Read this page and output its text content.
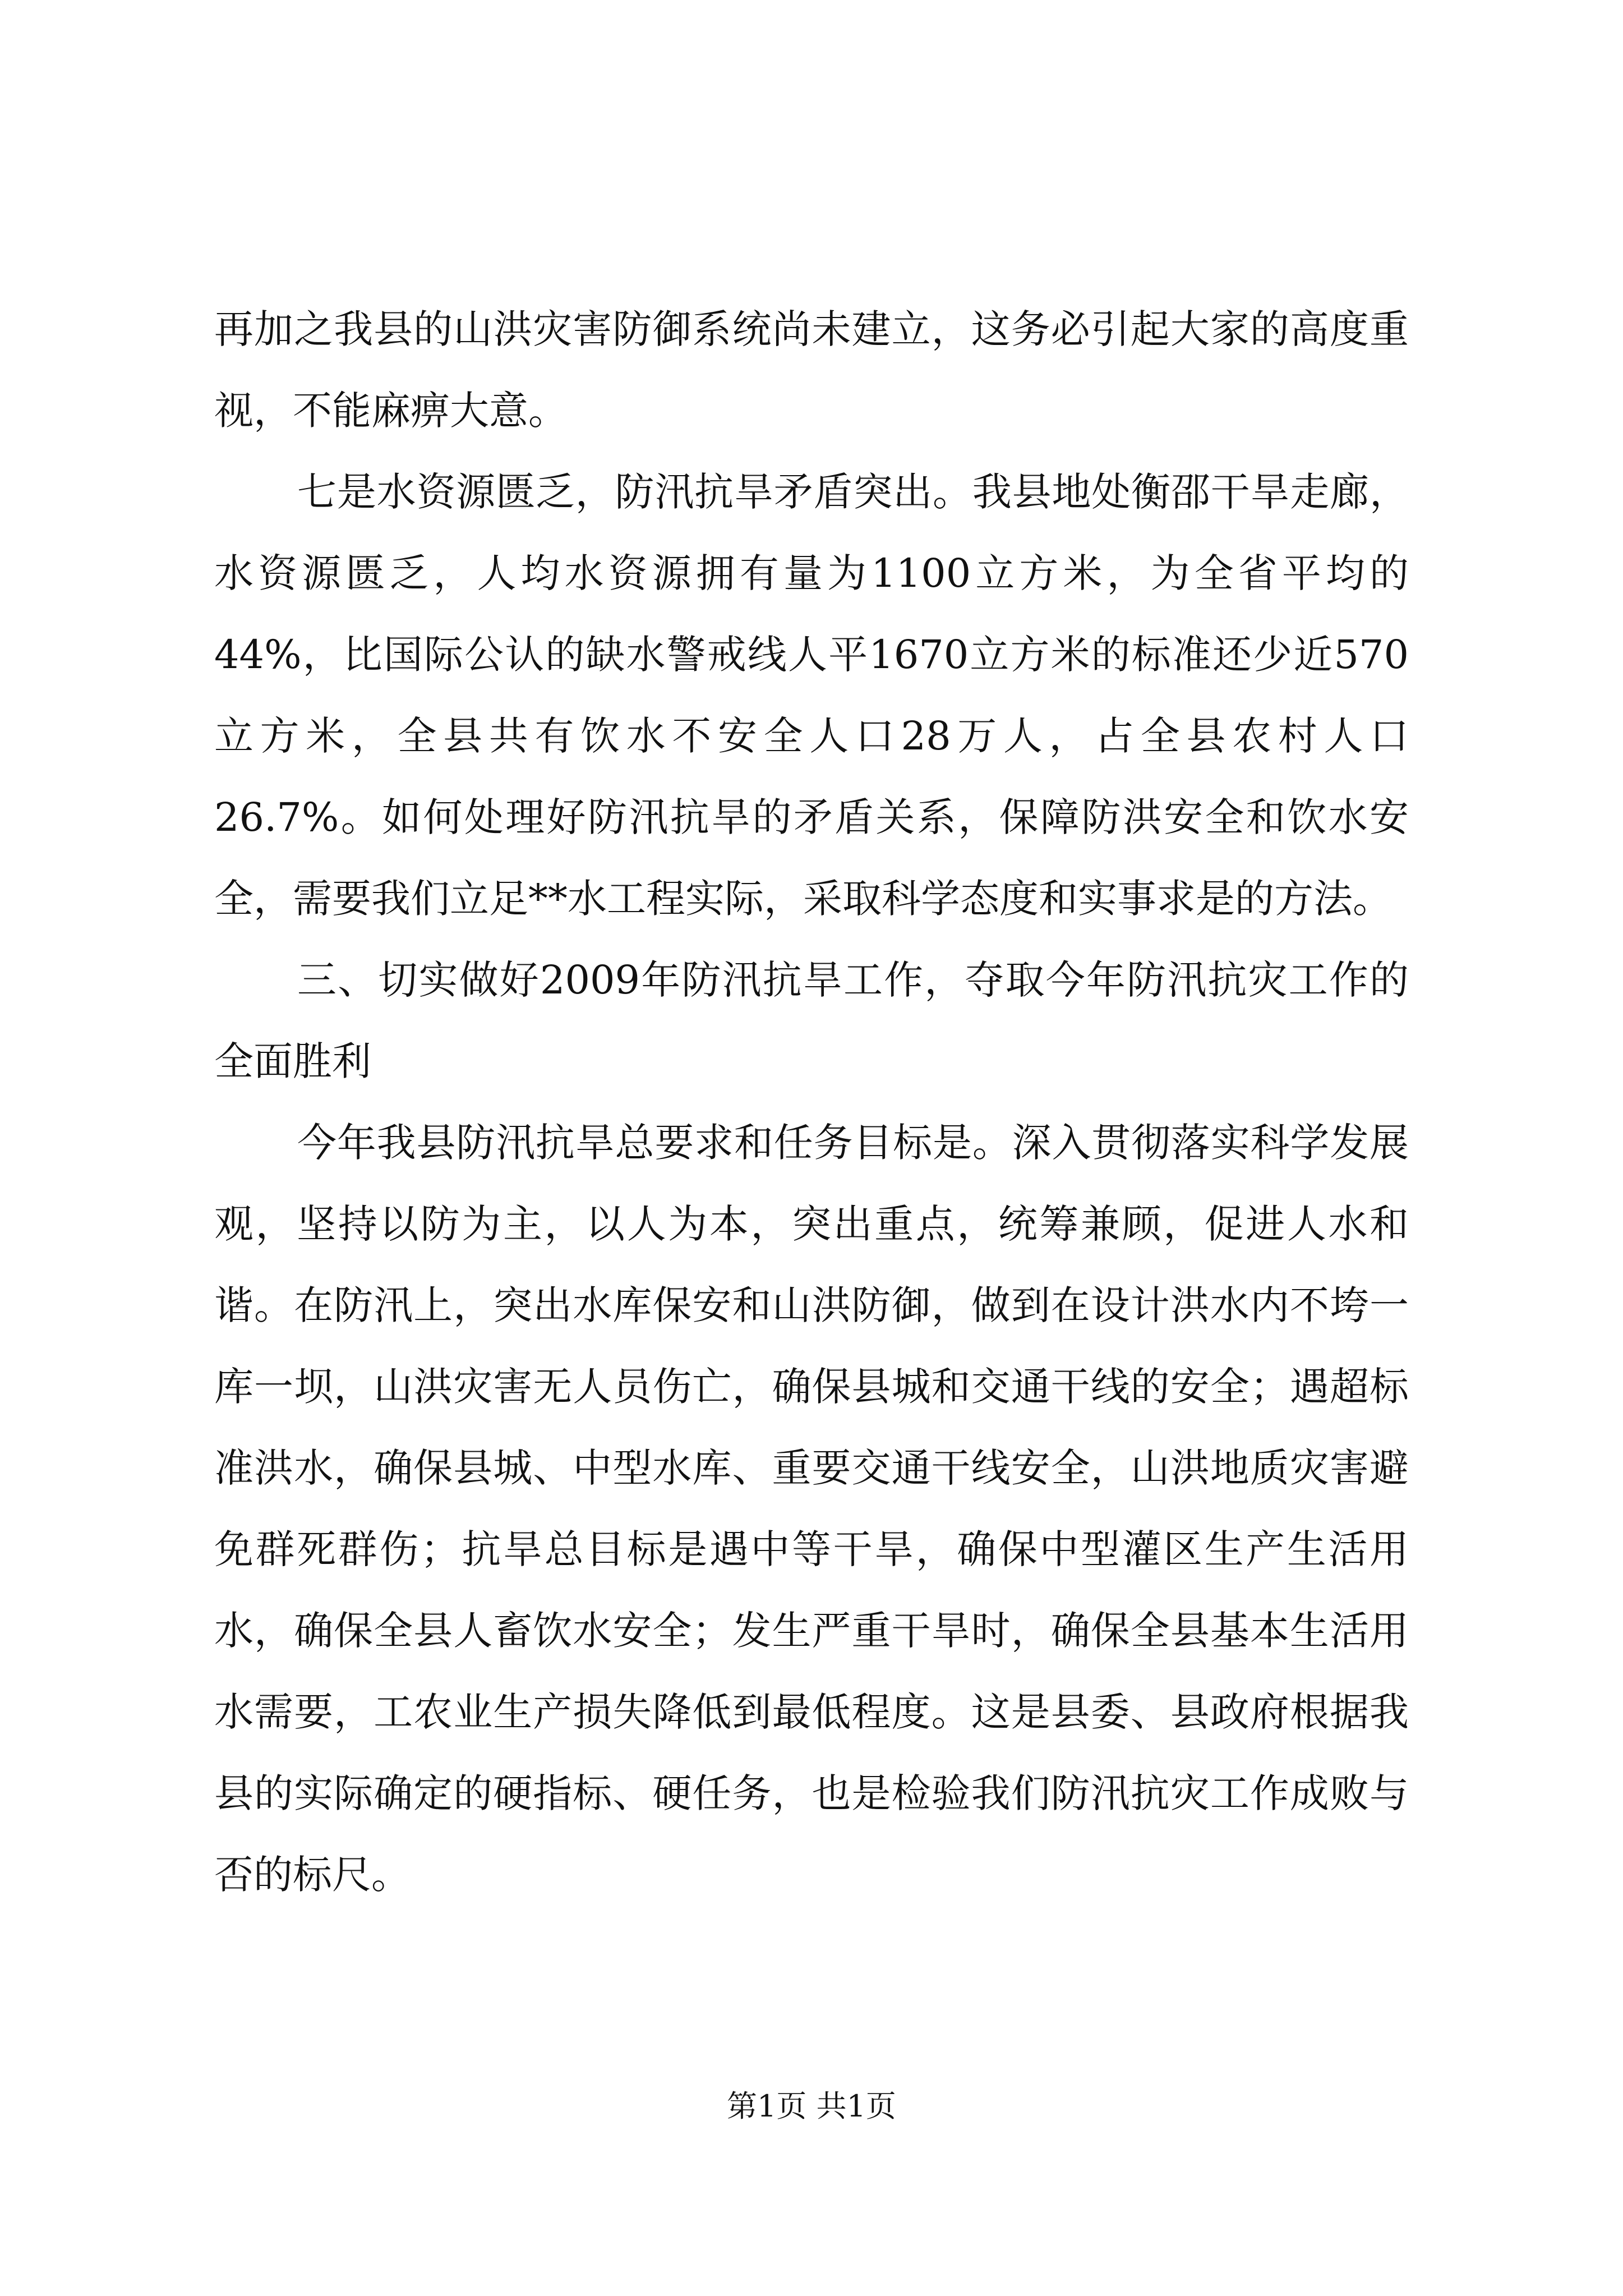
再加之我县的山洪灾害防御系统尚未建立，这务必引起大家的高度重视，不能麻痹大意。

七是水资源匮乏，防汛抗旱矛盾突出。我县地处衡邵干旱走廊，水资源匮乏，人均水资源拥有量为1100立方米，为全省平均的44%，比国际公认的缺水警戒线人平1670立方米的标准还少近570立方米，全县共有饮水不安全人口28万人，占全县农村人口26.7%。如何处理好防汛抗旱的矛盾关系，保障防洪安全和饮水安全，需要我们立足**水工程实际，采取科学态度和实事求是的方法。

三、切实做好2009年防汛抗旱工作，夺取今年防汛抗灾工作的全面胜利

今年我县防汛抗旱总要求和任务目标是。深入贯彻落实科学发展观，坚持以防为主，以人为本，突出重点，统筹兼顾，促进人水和谐。在防汛上，突出水库保安和山洪防御，做到在设计洪水内不垮一库一坝，山洪灾害无人员伤亡，确保县城和交通干线的安全；遇超标准洪水，确保县城、中型水库、重要交通干线安全，山洪地质灾害避免群死群伤；抗旱总目标是遇中等干旱，确保中型灌区生产生活用水，确保全县人畜饮水安全；发生严重干旱时，确保全县基本生活用水需要，工农业生产损失降低到最低程度。这是县委、县政府根据我县的实际确定的硬指标、硬任务，也是检验我们防汛抗灾工作成败与否的标尺。

第1页 共1页
